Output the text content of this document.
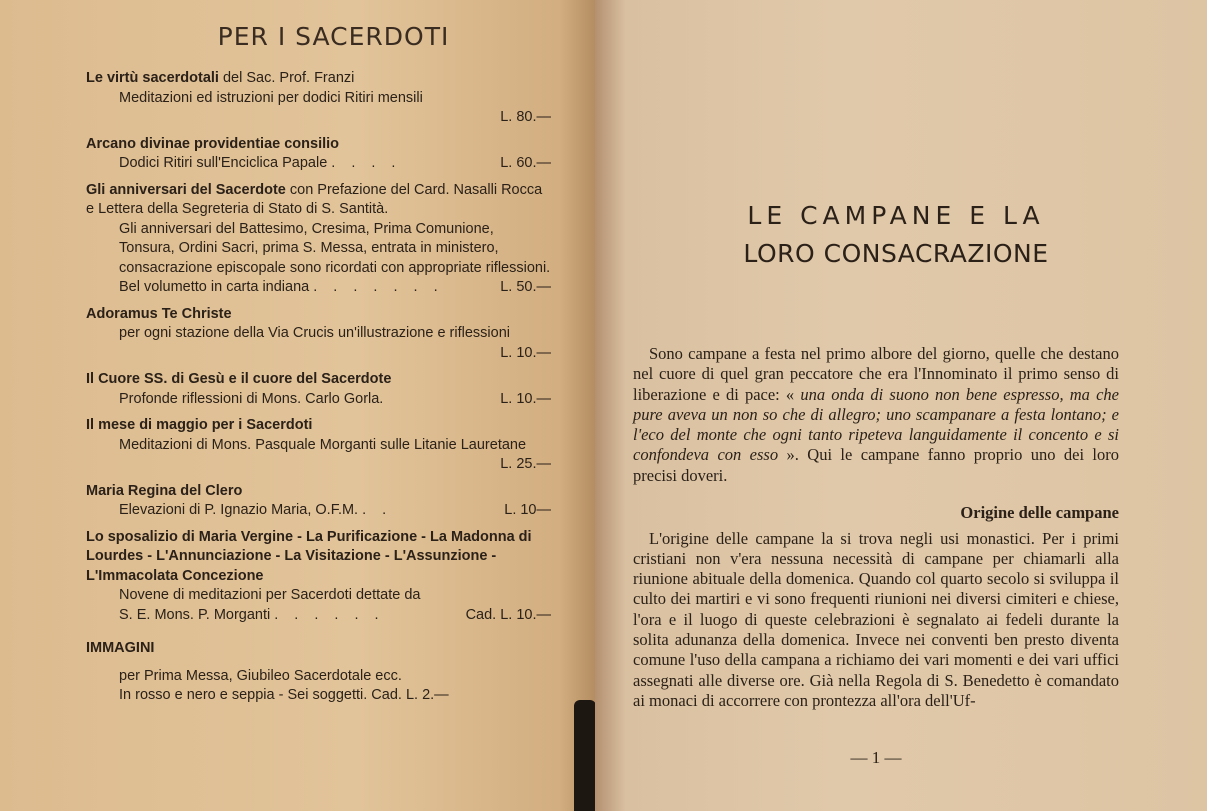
PER I SACERDOTI
Le virtù sacerdotali del Sac. Prof. Franzi
Meditazioni ed istruzioni per dodici Ritiri mensili
L. 80.—
Arcano divinae providentiae consilio
Dodici Ritiri sull'Enciclica Papale . . . .	L. 60.—
Gli anniversari del Sacerdote con Prefazione del Card. Nasalli Rocca e Lettera della Segreteria di Stato di S. Santità.
Gli anniversari del Battesimo, Cresima, Prima Comunione, Tonsura, Ordini Sacri, prima S. Messa, entrata in ministero, consacrazione episcopale sono ricordati con appropriate riflessioni.
Bel volumetto in carta indiana . . . . . . .	L. 50.—
Adoramus Te Christe
per ogni stazione della Via Crucis un'illustrazione e riflessioni
L. 10.—
Il Cuore SS. di Gesù e il cuore del Sacerdote
Profonde riflessioni di Mons. Carlo Gorla.	L. 10.—
Il mese di maggio per i Sacerdoti
Meditazioni di Mons. Pasquale Morganti sulle Litanie Lauretane
L. 25.—
Maria Regina del Clero
Elevazioni di P. Ignazio Maria, O.F.M. . .	L. 10—
Lo sposalizio di Maria Vergine - La Purificazione - La Madonna di Lourdes - L'Annunciazione - La Visitazione - L'Assunzione - L'Immacolata Concezione
Novene di meditazioni per Sacerdoti dettate da
S. E. Mons. P. Morganti . . . . . .	Cad. L. 10.—
IMMAGINI
per Prima Messa, Giubileo Sacerdotale ecc.
In rosso e nero e seppia - Sei soggetti. Cad. L. 2.—
LE CAMPANE E LA
LORO CONSACRAZIONE

Sono campane a festa nel primo albore del giorno, quelle che destano nel cuore di quel gran peccatore che era l'Innominato il primo senso di liberazione e di pace: « una onda di suono non bene espresso, ma che pure aveva un non so che di allegro; uno scampanare a festa lontano; e l'eco del monte che ogni tanto ripeteva languidamente il concento e si confondeva con esso ». Qui le campane fanno proprio uno dei loro precisi doveri.

Origine delle campane

L'origine delle campane la si trova negli usi monastici. Per i primi cristiani non v'era nessuna necessità di campane per chiamarli alla riunione abituale della domenica. Quando col quarto secolo si sviluppa il culto dei martiri e vi sono frequenti riunioni nei diversi cimiteri e chiese, l'ora e il luogo di queste celebrazioni è segnalato ai fedeli durante la solita adunanza della domenica. Invece nei conventi ben presto diventa comune l'uso della campana a richiamo dei vari momenti e dei vari uffici assegnati alle diverse ore. Già nella Regola di S. Benedetto è comandato ai monaci di accorrere con prontezza all'ora dell'Uf-

— 1 —
